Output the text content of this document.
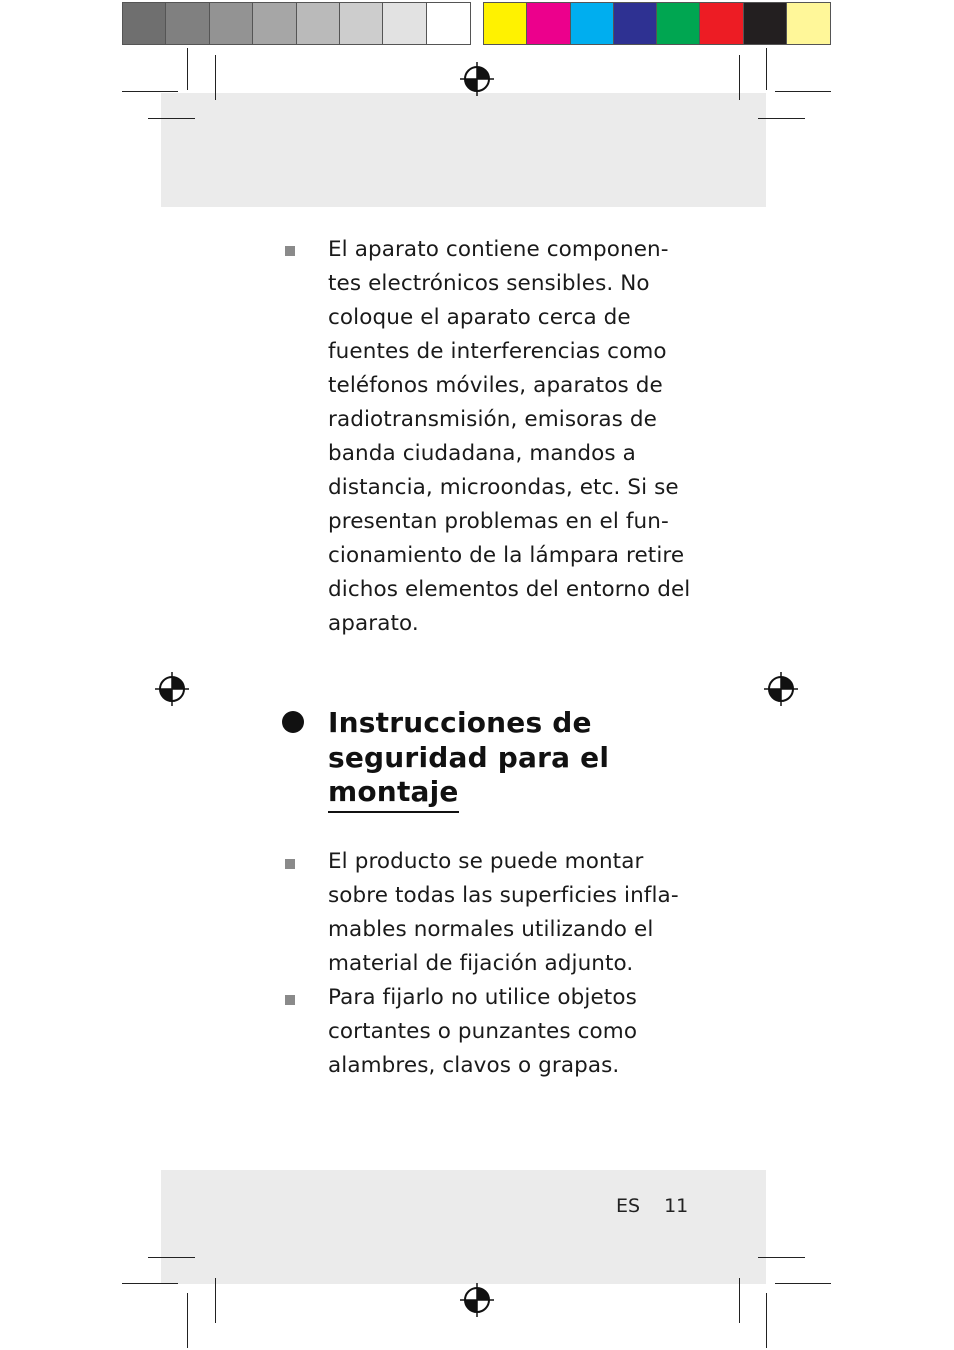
El aparato contiene componen-
tes electrónicos sensibles. No
coloque el aparato cerca de
fuentes de interferencias como
teléfonos móviles, aparatos de
radiotransmisión, emisoras de
banda ciudadana, mandos a
distancia, microondas, etc. Si se
presentan problemas en el fun-
cionamiento de la lámpara retire
dichos elementos del entorno del
aparato.
Instrucciones de
seguridad para el
montaje
El producto se puede montar
sobre todas las superficies infla-
mables normales utilizando el
material de fijación adjunto.
Para fijarlo no utilice objetos
cortantes o punzantes como
alambres, clavos o grapas.
ES 11
